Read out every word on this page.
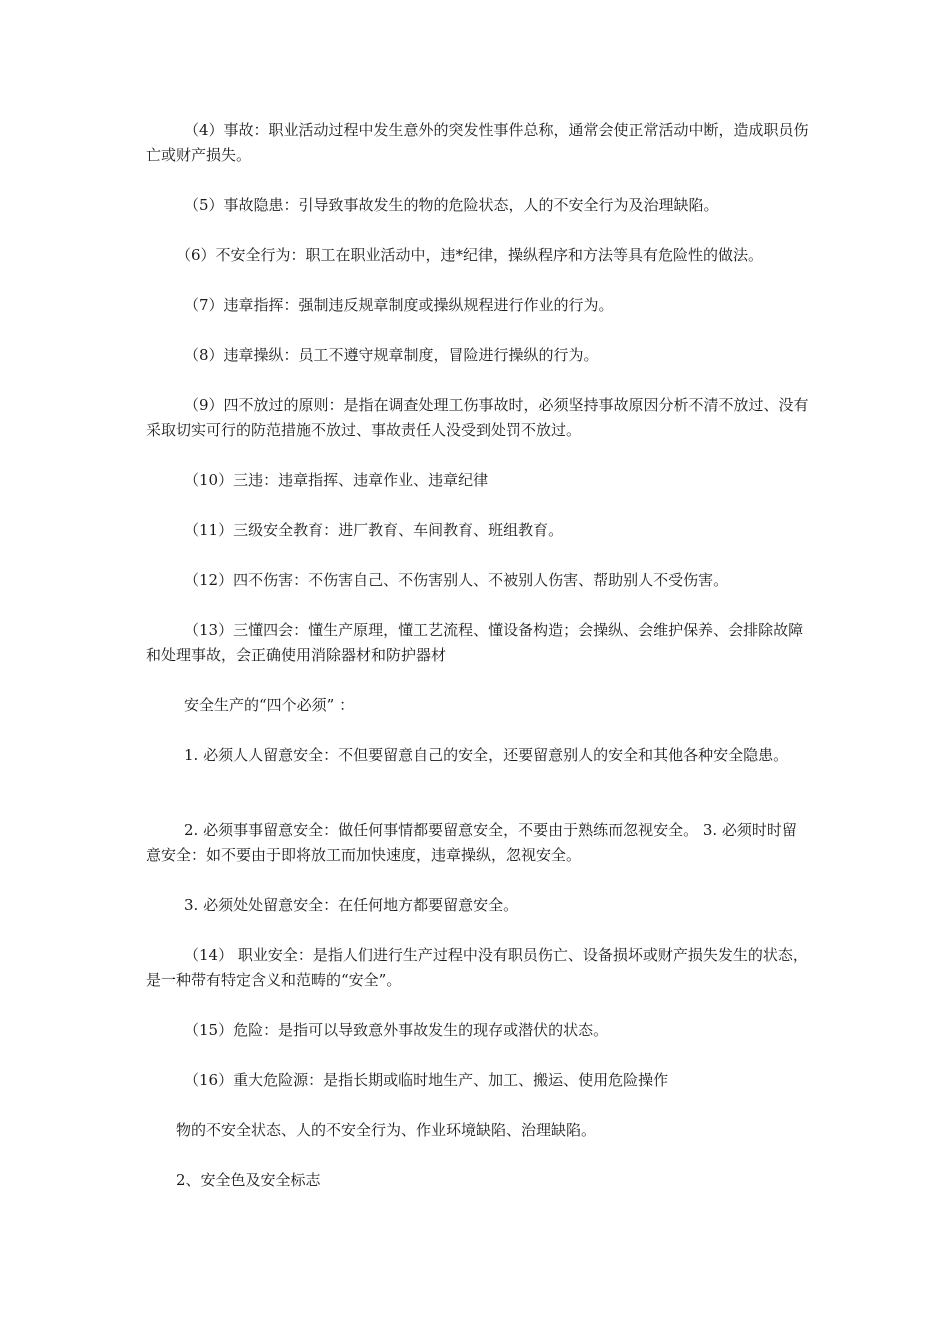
（4）事故：职业活动过程中发生意外的突发性事件总称，通常会使正常活动中断，造成职员伤亡或财产损失。

（5）事故隐患：引导致事故发生的物的危险状态，人的不安全行为及治理缺陷。

（6）不安全行为：职工在职业活动中，违*纪律，操纵程序和方法等具有危险性的做法。

（7）违章指挥：强制违反规章制度或操纵规程进行作业的行为。

（8）违章操纵：员工不遵守规章制度，冒险进行操纵的行为。

（9）四不放过的原则：是指在调查处理工伤事故时，必须坚持事故原因分析不清不放过、没有采取切实可行的防范措施不放过、事故责任人没受到处罚不放过。

（10）三违：违章指挥、违章作业、违章纪律

（11）三级安全教育：进厂教育、车间教育、班组教育。

（12）四不伤害：不伤害自己、不伤害别人、不被别人伤害、帮助别人不受伤害。

（13）三懂四会：懂生产原理，懂工艺流程、懂设备构造；会操纵、会维护保养、会排除故障和处理事故，会正确使用消除器材和防护器材

安全生产的“四个必须” ：

1. 必须人人留意安全：不但要留意自己的安全，还要留意别人的安全和其他各种安全隐患。

2. 必须事事留意安全：做任何事情都要留意安全，不要由于熟练而忽视安全。 3. 必须时时留意安全：如不要由于即将放工而加快速度，违章操纵，忽视安全。

3. 必须处处留意安全：在任何地方都要留意安全。

（14） 职业安全：是指人们进行生产过程中没有职员伤亡、设备损坏或财产损失发生的状态，是一种带有特定含义和范畴的“安全”。

（15）危险：是指可以导致意外事故发生的现存或潜伏的状态。

（16）重大危险源：是指长期或临时地生产、加工、搬运、使用危险操作

物的不安全状态、人的不安全行为、作业环境缺陷、治理缺陷。

2、安全色及安全标志
